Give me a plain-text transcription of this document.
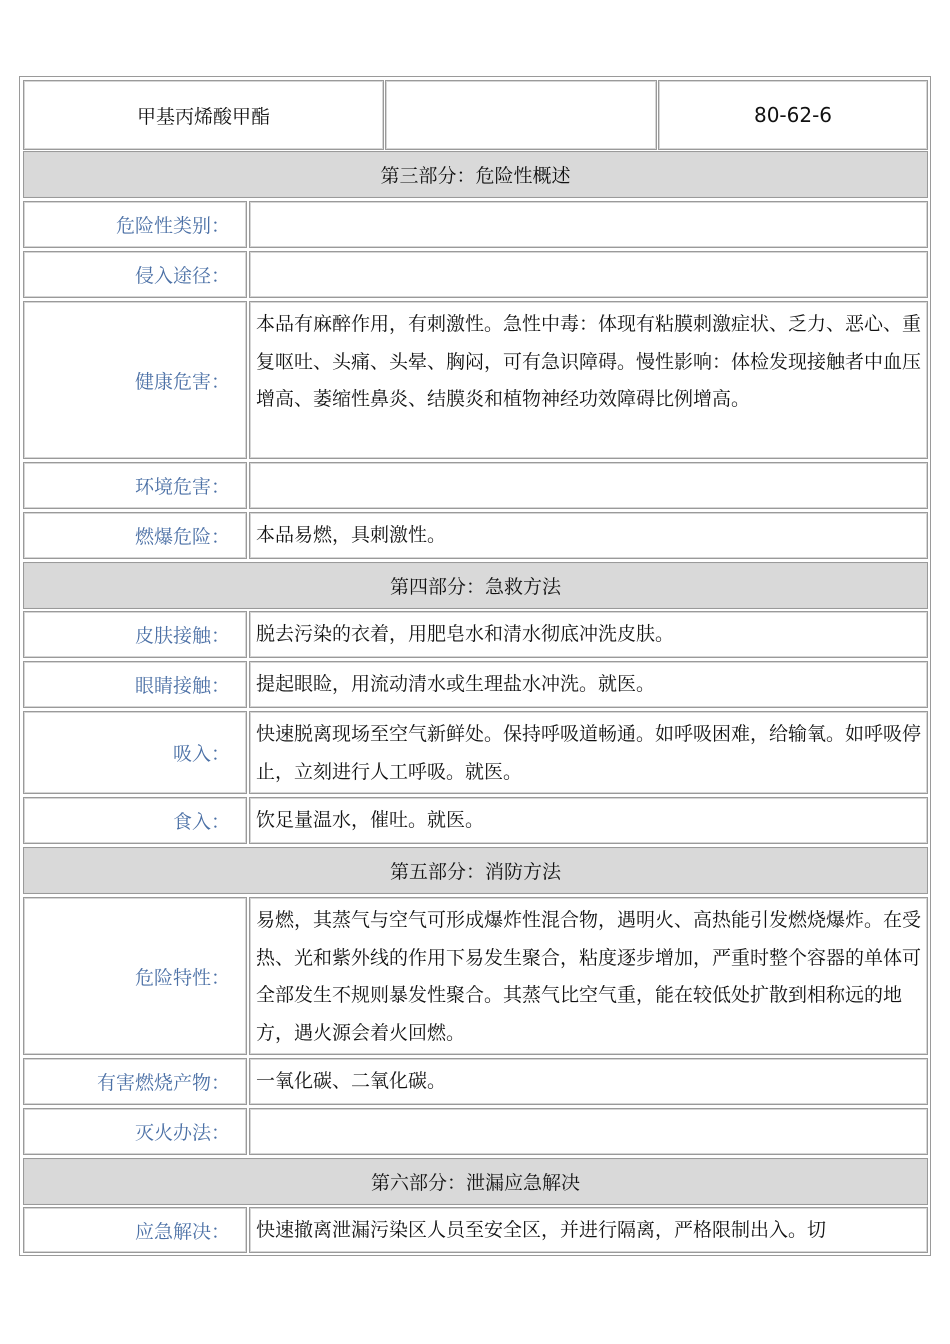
甲基丙烯酸甲酯	80-62-6
第三部分：危险性概述
危险性类别：
侵入途径：
健康危害：
本品有麻醉作用，有刺激性。急性中毒：体现有粘膜刺激症状、乏力、恶心、重复呕吐、头痛、头晕、胸闷，可有急识障碍。慢性影响：体检发现接触者中血压增高、萎缩性鼻炎、结膜炎和植物神经功效障碍比例增高。
环境危害：
燃爆危险：	本品易燃，具刺激性。
第四部分：急救方法
皮肤接触：	脱去污染的衣着，用肥皂水和清水彻底冲洗皮肤。
眼睛接触：	提起眼睑，用流动清水或生理盐水冲洗。就医。
吸入：
快速脱离现场至空气新鲜处。保持呼吸道畅通。如呼吸困难，给输氧。如呼吸停止，立刻进行人工呼吸。就医。
食入：	饮足量温水，催吐。就医。
第五部分：消防方法
危险特性：
易燃，其蒸气与空气可形成爆炸性混合物，遇明火、高热能引发燃烧爆炸。在受热、光和紫外线的作用下易发生聚合，粘度逐步增加，严重时整个容器的单体可全部发生不规则暴发性聚合。其蒸气比空气重，能在较低处扩散到相称远的地方，遇火源会着火回燃。
有害燃烧产物：	一氧化碳、二氧化碳。
灭火办法：
第六部分：泄漏应急解决
应急解决：	快速撤离泄漏污染区人员至安全区，并进行隔离，严格限制出入。切
